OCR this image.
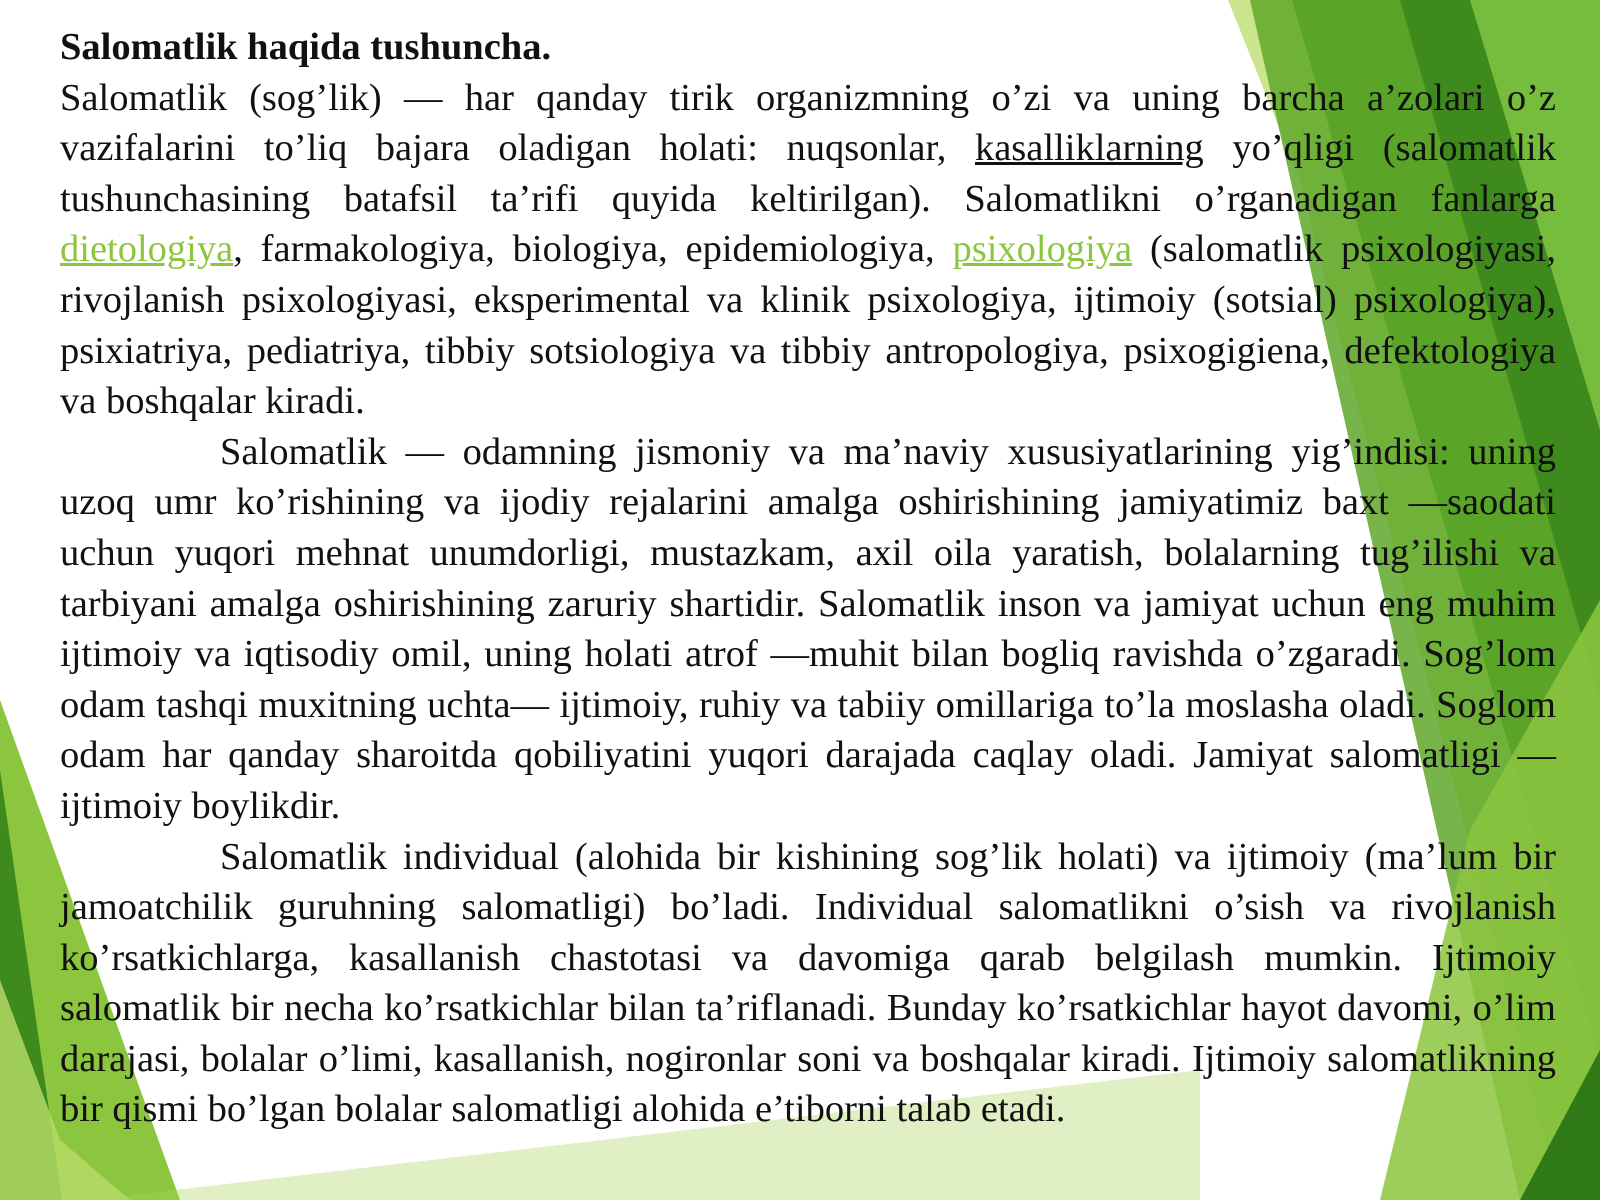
Salomatlik haqida tushuncha.

Salomatlik (sog’lik) — har qanday tirik organizmning o’zi va uning barcha a’zolari o’z vazifalarini to’liq bajara oladigan holati: nuqsonlar, kasalliklarning yo’qligi (salomatlik tushunchasining batafsil ta’rifi quyida keltirilgan). Salomatlikni o’rganadigan fanlarga dietologiya, farmakologiya, biologiya, epidemiologiya, psixologiya (salomatlik psixologiyasi, rivojlanish psixologiyasi, eksperimental va klinik psixologiya, ijtimoiy (sotsial) psixologiya), psixiatriya, pediatriya, tibbiy sotsiologiya va tibbiy antropologiya, psixogigiena, defektologiya va boshqalar kiradi.

Salomatlik — odamning jismoniy va ma’naviy xususiyatlarining yig’indisi: uning uzoq umr ko’rishining va ijodiy rejalarini amalga oshirishining jamiyatimiz baxt —saodati uchun yuqori mehnat unumdorligi, mustazkam, axil oila yaratish, bolalarning tug’ilishi va tarbiyani amalga oshirishining zaruriy shartidir. Salomatlik inson va jamiyat uchun eng muhim ijtimoiy va iqtisodiy omil, uning holati atrof —muhit bilan bogliq ravishda o’zgaradi. Sog’lom odam tashqi muxitning uchta— ijtimoiy, ruhiy va tabiiy omillariga to’la moslasha oladi. Soglom odam har qanday sharoitda qobiliyatini yuqori darajada caqlay oladi. Jamiyat salomatligi — ijtimoiy boylikdir.

Salomatlik individual (alohida bir kishining sog’lik holati) va ijtimoiy (ma’lum bir jamoatchilik guruhning salomatligi) bo’ladi. Individual salomatlikni o’sish va rivojlanish ko’rsatkichlarga, kasallanish chastotasi va davomiga qarab belgilash mumkin. Ijtimoiy salomatlik bir necha ko’rsatkichlar bilan ta’riflanadi. Bunday ko’rsatkichlar hayot davomi, o’lim darajasi, bolalar o’limi, kasallanish, nogironlar soni va boshqalar kiradi. Ijtimoiy salomatlikning bir qismi bo’lgan bolalar salomatligi alohida e’tiborni talab etadi.
